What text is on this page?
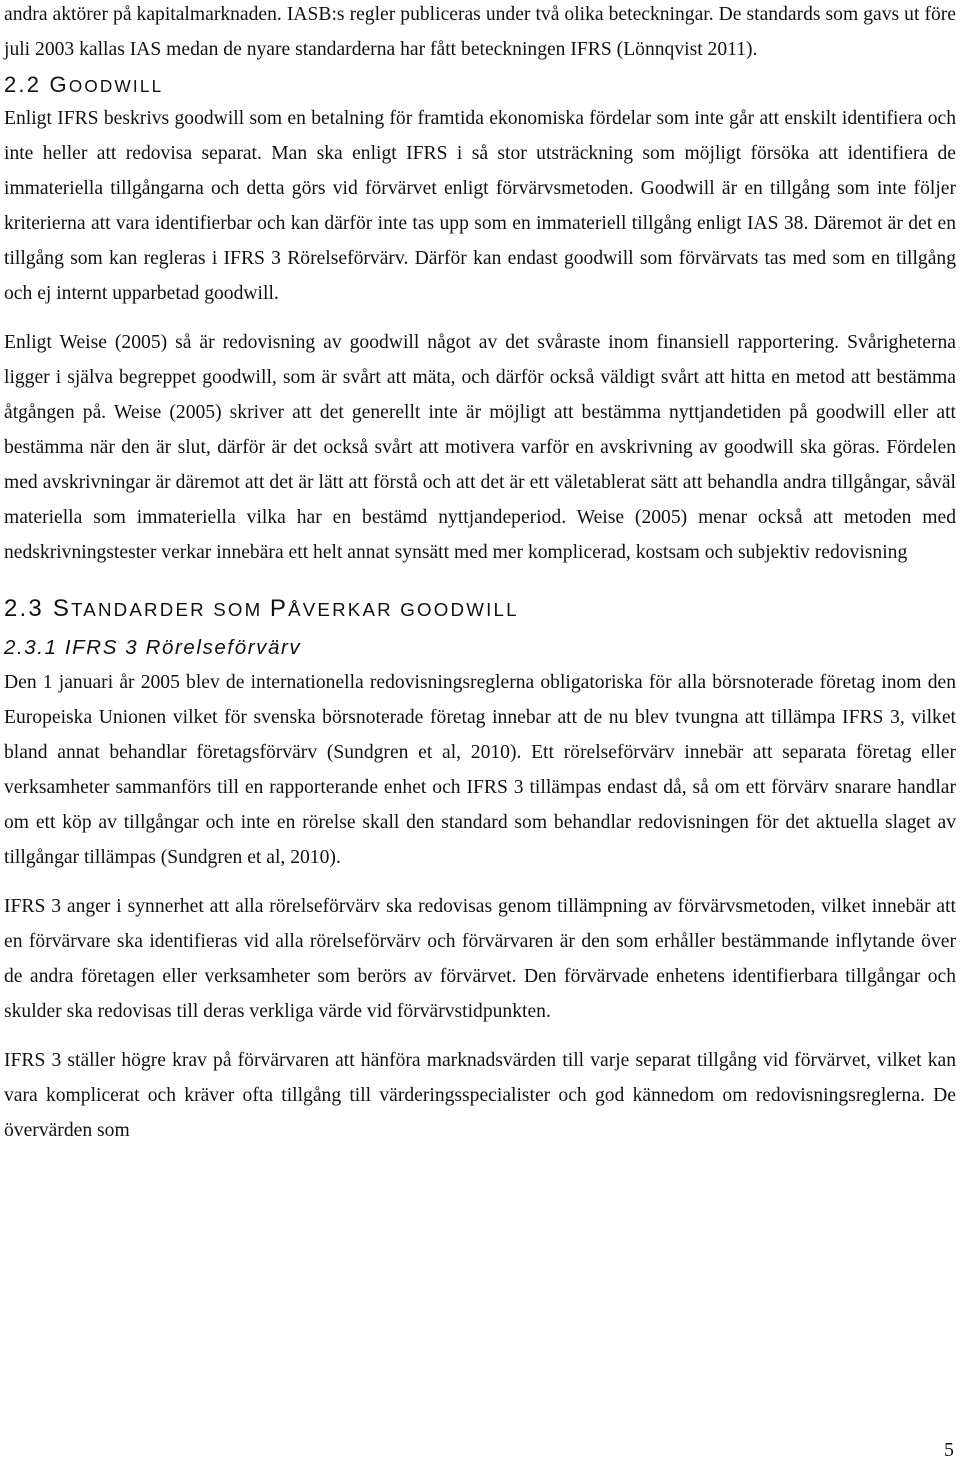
andra aktörer på kapitalmarknaden. IASB:s regler publiceras under två olika beteckningar. De standards som gavs ut före juli 2003 kallas IAS medan de nyare standarderna har fått beteckningen IFRS (Lönnqvist 2011).

2.2 GOODWILL

Enligt IFRS beskrivs goodwill som en betalning för framtida ekonomiska fördelar som inte går att enskilt identifiera och inte heller att redovisa separat. Man ska enligt IFRS i så stor utsträckning som möjligt försöka att identifiera de immateriella tillgångarna och detta görs vid förvärvet enligt förvärvsmetoden. Goodwill är en tillgång som inte följer kriterierna att vara identifierbar och kan därför inte tas upp som en immateriell tillgång enligt IAS 38. Däremot är det en tillgång som kan regleras i IFRS 3 Rörelseförvärv. Därför kan endast goodwill som förvärvats tas med som en tillgång och ej internt upparbetad goodwill.

Enligt Weise (2005) så är redovisning av goodwill något av det svåraste inom finansiell rapportering. Svårigheterna ligger i själva begreppet goodwill, som är svårt att mäta, och därför också väldigt svårt att hitta en metod att bestämma åtgången på. Weise (2005) skriver att det generellt inte är möjligt att bestämma nyttjandetiden på goodwill eller att bestämma när den är slut, därför är det också svårt att motivera varför en avskrivning av goodwill ska göras. Fördelen med avskrivningar är däremot att det är lätt att förstå och att det är ett väletablerat sätt att behandla andra tillgångar, såväl materiella som immateriella vilka har en bestämd nyttjandeperiod. Weise (2005) menar också att metoden med nedskrivningstester verkar innebära ett helt annat synsätt med mer komplicerad, kostsam och subjektiv redovisning

2.3 STANDARDER SOM PÅVERKAR GOODWILL
2.3.1 IFRS 3 Rörelseförvärv

Den 1 januari år 2005 blev de internationella redovisningsreglerna obligatoriska för alla börsnoterade företag inom den Europeiska Unionen vilket för svenska börsnoterade företag innebar att de nu blev tvungna att tillämpa IFRS 3, vilket bland annat behandlar företagsförvärv (Sundgren et al, 2010). Ett rörelseförvärv innebär att separata företag eller verksamheter sammanförs till en rapporterande enhet och IFRS 3 tillämpas endast då, så om ett förvärv snarare handlar om ett köp av tillgångar och inte en rörelse skall den standard som behandlar redovisningen för det aktuella slaget av tillgångar tillämpas (Sundgren et al, 2010).

IFRS 3 anger i synnerhet att alla rörelseförvärv ska redovisas genom tillämpning av förvärvsmetoden, vilket innebär att en förvärvare ska identifieras vid alla rörelseförvärv och förvärvaren är den som erhåller bestämmande inflytande över de andra företagen eller verksamheter som berörs av förvärvet. Den förvärvade enhetens identifierbara tillgångar och skulder ska redovisas till deras verkliga värde vid förvärvstidpunkten.

IFRS 3 ställer högre krav på förvärvaren att hänföra marknadsvärden till varje separat tillgång vid förvärvet, vilket kan vara komplicerat och kräver ofta tillgång till värderingsspecialister och god kännedom om redovisningsreglerna. De övervärden som

5
